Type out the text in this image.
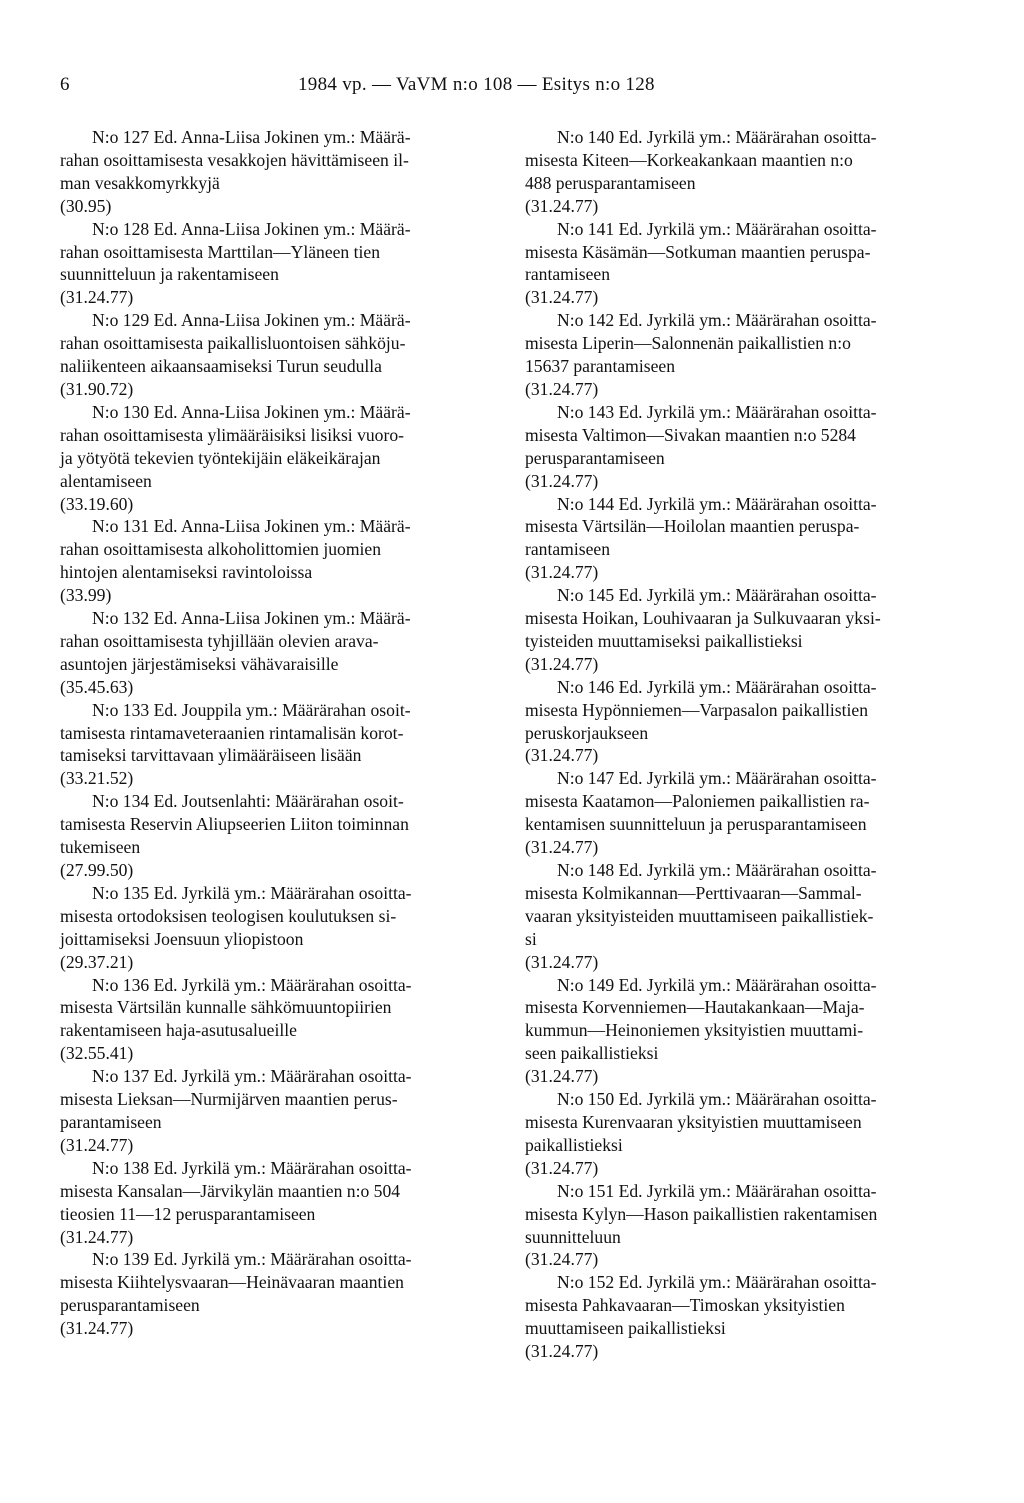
6	1984 vp. — VaVM n:o 108 — Esitys n:o 128
N:o 127 Ed. Anna-Liisa Jokinen ym.: Määrä-
rahan osoittamisesta vesakkojen hävittämiseen il-
man vesakkomyrkkyjä
(30.95)
N:o 128 Ed. Anna-Liisa Jokinen ym.: Määrä-
rahan osoittamisesta Marttilan—Yläneen tien
suunnitteluun ja rakentamiseen
(31.24.77)
N:o 129 Ed. Anna-Liisa Jokinen ym.: Määrä-
rahan osoittamisesta paikallisluontoisen sähköju-
naliikenteen aikaansaamiseksi Turun seudulla
(31.90.72)
N:o 130 Ed. Anna-Liisa Jokinen ym.: Määrä-
rahan osoittamisesta ylimääräisiksi lisiksi vuoro-
ja yötyötä tekevien työntekijäin eläkeikärajan
alentamiseen
(33.19.60)
N:o 131 Ed. Anna-Liisa Jokinen ym.: Määrä-
rahan osoittamisesta alkoholittomien juomien
hintojen alentamiseksi ravintoloissa
(33.99)
N:o 132 Ed. Anna-Liisa Jokinen ym.: Määrä-
rahan osoittamisesta tyhjillään olevien arava-
asuntojen järjestämiseksi vähävaraisille
(35.45.63)
N:o 133 Ed. Jouppila ym.: Määrärahan osoit-
tamisesta rintamaveteraanien rintamalisän korot-
tamiseksi tarvittavaan ylimääräiseen lisään
(33.21.52)
N:o 134 Ed. Joutsenlahti: Määrärahan osoit-
tamisesta Reservin Aliupseerien Liiton toiminnan
tukemiseen
(27.99.50)
N:o 135 Ed. Jyrkilä ym.: Määrärahan osoitta-
misesta ortodoksisen teologisen koulutuksen si-
joittamiseksi Joensuun yliopistoon
(29.37.21)
N:o 136 Ed. Jyrkilä ym.: Määrärahan osoitta-
misesta Värtsilän kunnalle sähkömuuntopiirien
rakentamiseen haja-asutusalueille
(32.55.41)
N:o 137 Ed. Jyrkilä ym.: Määrärahan osoitta-
misesta Lieksan—Nurmijärven maantien perus-
parantamiseen
(31.24.77)
N:o 138 Ed. Jyrkilä ym.: Määrärahan osoitta-
misesta Kansalan—Järvikylän maantien n:o 504
tieosien 11—12 perusparantamiseen
(31.24.77)
N:o 139 Ed. Jyrkilä ym.: Määrärahan osoitta-
misesta Kiihtelysvaaran—Heinävaaran maantien
perusparantamiseen
(31.24.77)
N:o 140 Ed. Jyrkilä ym.: Määrärahan osoitta-
misesta Kiteen—Korkeakankaan maantien n:o
488 perusparantamiseen
(31.24.77)
N:o 141 Ed. Jyrkilä ym.: Määrärahan osoitta-
misesta Käsämän—Sotkuman maantien peruspa-
rantamiseen
(31.24.77)
N:o 142 Ed. Jyrkilä ym.: Määrärahan osoitta-
misesta Liperin—Salonnenän paikallistien n:o
15637 parantamiseen
(31.24.77)
N:o 143 Ed. Jyrkilä ym.: Määrärahan osoitta-
misesta Valtimon—Sivakan maantien n:o 5284
perusparantamiseen
(31.24.77)
N:o 144 Ed. Jyrkilä ym.: Määrärahan osoitta-
misesta Värtsilän—Hoilolan maantien peruspa-
rantamiseen
(31.24.77)
N:o 145 Ed. Jyrkilä ym.: Määrärahan osoitta-
misesta Hoikan, Louhivaaran ja Sulkuvaaran yksi-
tyisteiden muuttamiseksi paikallistieksi
(31.24.77)
N:o 146 Ed. Jyrkilä ym.: Määrärahan osoitta-
misesta Hypönniemen—Varpasalon paikallistien
peruskorjaukseen
(31.24.77)
N:o 147 Ed. Jyrkilä ym.: Määrärahan osoitta-
misesta Kaatamon—Paloniemen paikallistien ra-
kentamisen suunnitteluun ja perusparantamiseen
(31.24.77)
N:o 148 Ed. Jyrkilä ym.: Määrärahan osoitta-
misesta Kolmikannan—Perttivaaran—Sammal-
vaaran yksityisteiden muuttamiseen paikallistiek-
si
(31.24.77)
N:o 149 Ed. Jyrkilä ym.: Määrärahan osoitta-
misesta Korvenniemen—Hautakankaan—Maja-
kummun—Heinoniemen yksityistien muuttami-
seen paikallistieksi
(31.24.77)
N:o 150 Ed. Jyrkilä ym.: Määrärahan osoitta-
misesta Kurenvaaran yksityistien muuttamiseen
paikallistieksi
(31.24.77)
N:o 151 Ed. Jyrkilä ym.: Määrärahan osoitta-
misesta Kylyn—Hason paikallistien rakentamisen
suunnitteluun
(31.24.77)
N:o 152 Ed. Jyrkilä ym.: Määrärahan osoitta-
misesta Pahkavaaran—Timoskan yksityistien
muuttamiseen paikallistieksi
(31.24.77)
